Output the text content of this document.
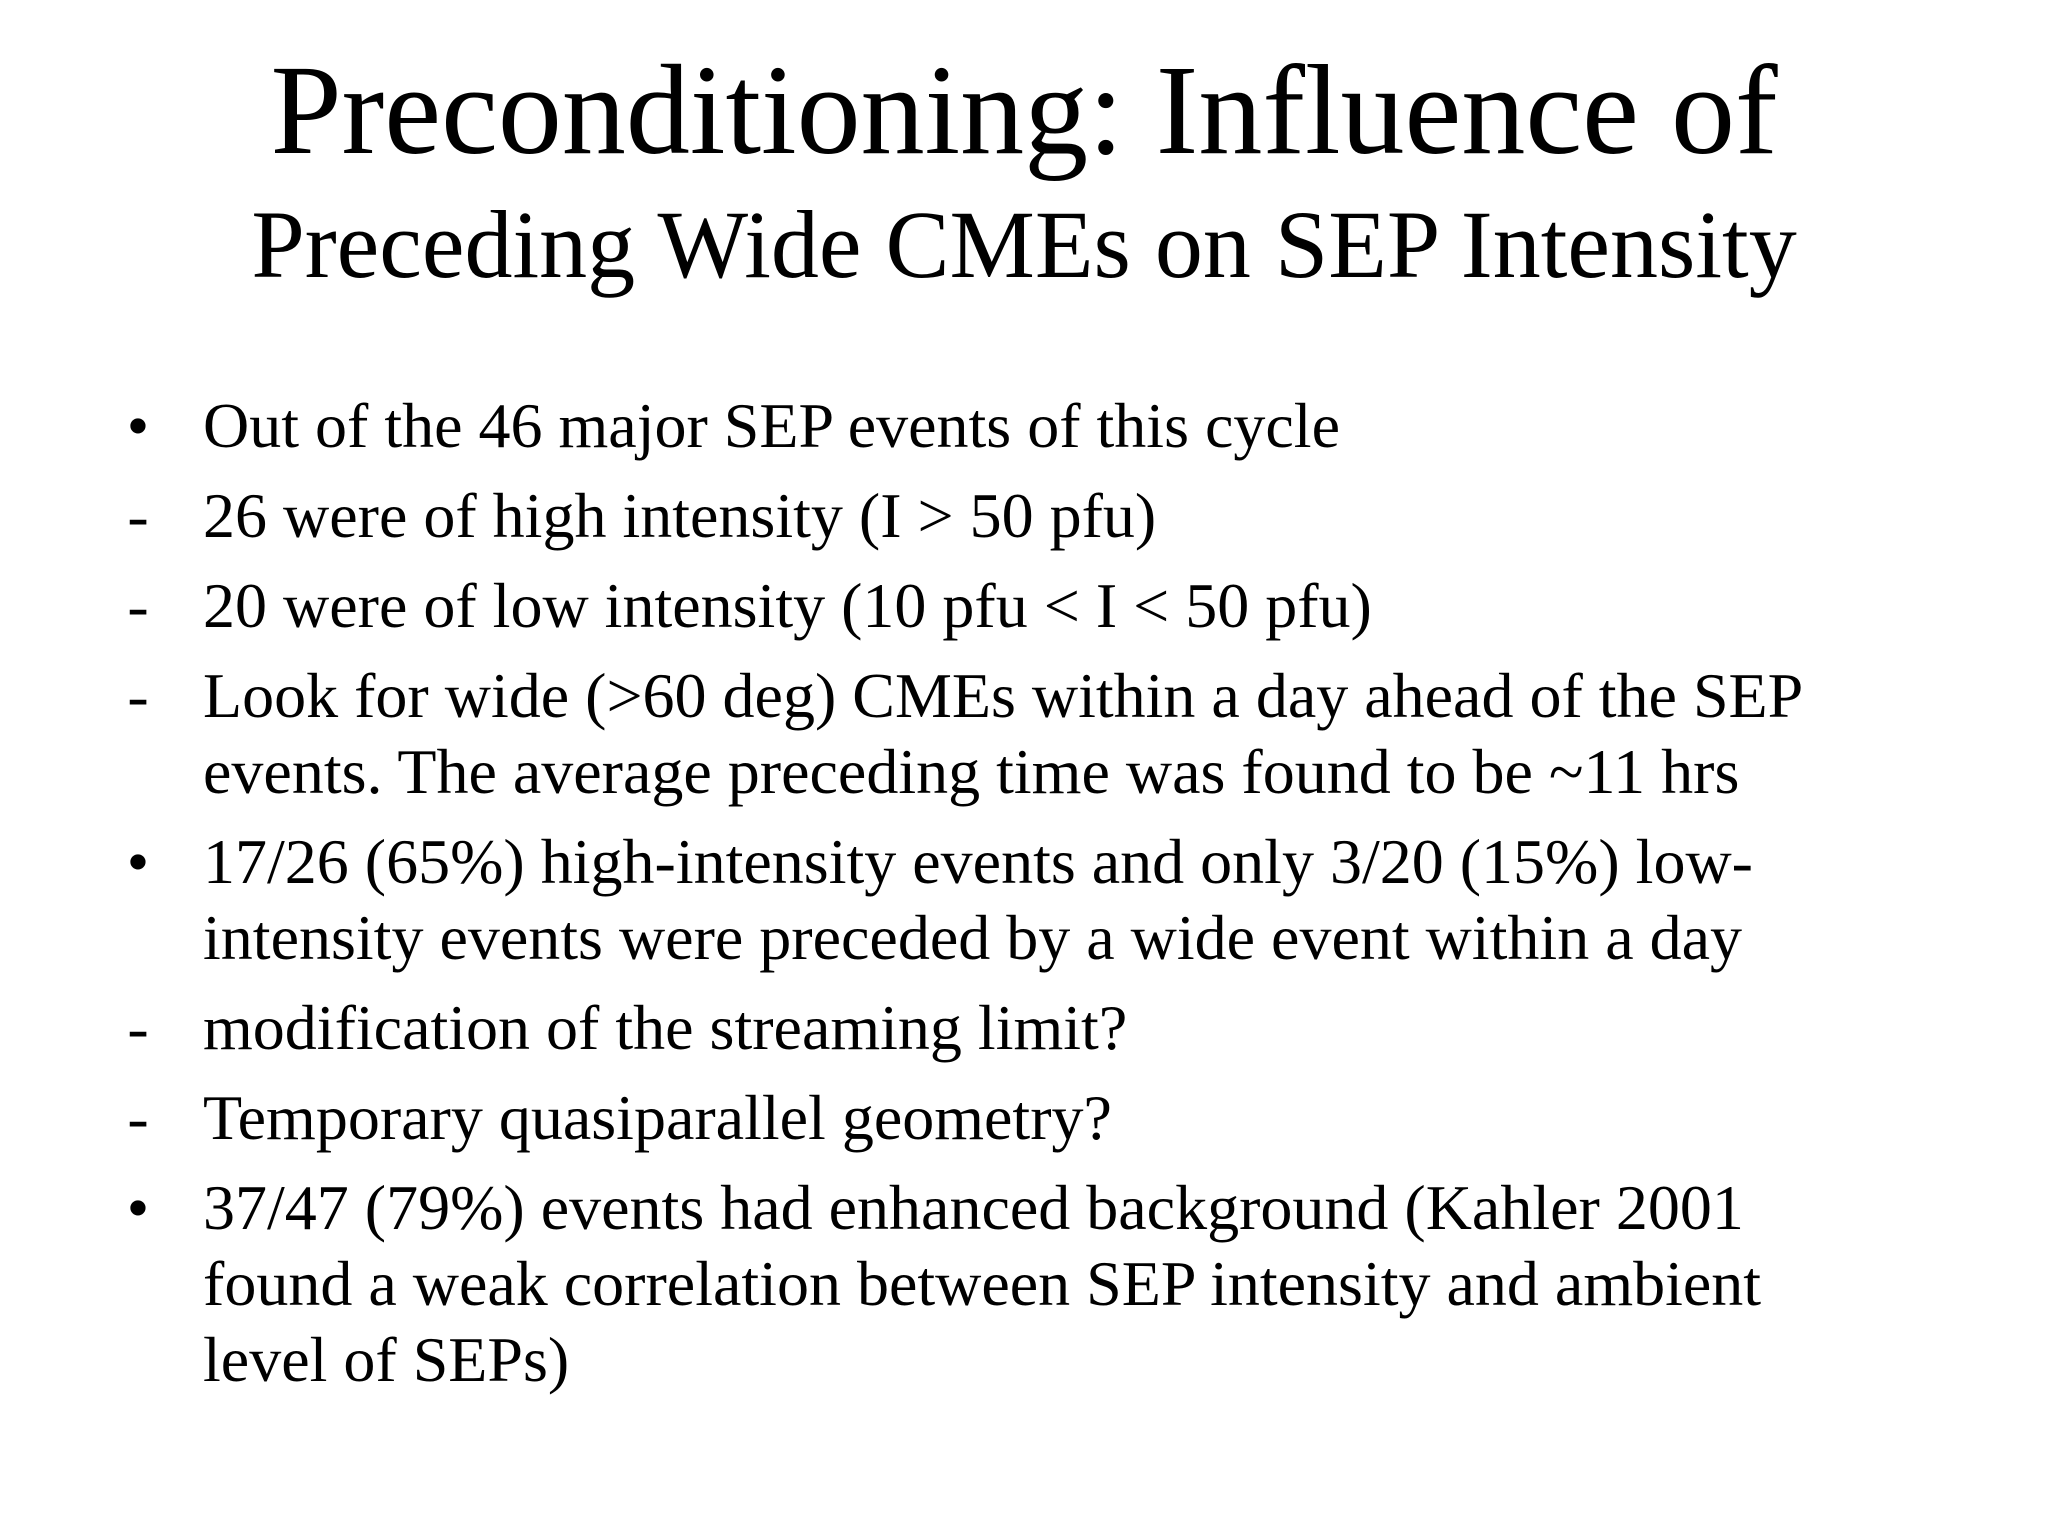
Preconditioning: Influence of
Preceding Wide CMEs on SEP Intensity
• Out of the 46 major SEP events of this cycle
- 26 were of high intensity (I > 50 pfu)
- 20 were of low intensity (10 pfu < I < 50 pfu)
- Look for wide (>60 deg) CMEs within a day ahead of the SEP
events. The average preceding time was found to be ~11 hrs
• 17/26 (65%) high-intensity events and only 3/20 (15%) low-
intensity events were preceded by a wide event within a day
- modification of the streaming limit?
- Temporary quasiparallel geometry?
• 37/47 (79%) events had enhanced background (Kahler 2001
found a weak correlation between SEP intensity and ambient
level of SEPs)
